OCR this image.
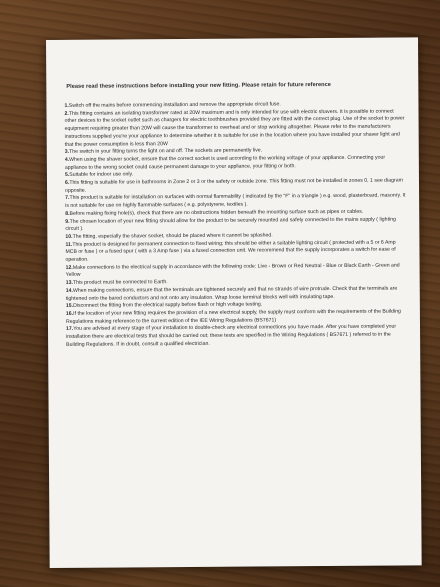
Please read these instructions before installing your new fitting. Please retain for future reference

1.Switch off the mains before commencing installation and remove the appropriate circuit fuse.

2.This fitting contains an isolating transformer rated at 20W maximum and is only intended for use with electric shavers. It is possible to connect other devices to the socket outlet such as chargers for electric toothbrushes provided they are fitted with the correct plug. Use of the socket to power equipment requiring greater than 20W will cause the transformer to overheat and or stop working altogether. Please refer to the manufacturers instructions supplied you're your appliance to determine whether it is suitable for use in the location where you have installed your shaver light and that the power consumption is less than 20W

3.The switch in your fitting turns the light on and off. The sockets are permanently live.

4.When using the shaver socket, ensure that the correct socket is used according to the working voltage of your appliance. Connecting your appliance to the wrong socket could cause permanent damage to your appliance, your fitting or both.

5.Suitable for indoor use only.

6.This fitting is suitable for use in bathrooms in Zone 2 or 3 or the safety or outside zone. This fitting must not be installed in zones 0, 1 see diagram opposite.

7.This product is suitable for installation on surfaces with normal flammability ( indicated by the "F" in a triangle ) e.g. wood, plasterboard, masonry. It is not suitable for use on highly flammable surfaces ( e.g. polystyrene, textiles ).

8.Before making fixing hole(s), check that there are no obstructions hidden beneath the mounting surface such as pipes or cables.

9.The chosen location of your new fitting should allow for the product to be securely mounted and safely connected to the mains supply ( lighting circuit ).

10.The fitting, especially the shaver socket, should be placed where it cannot be splashed.

11.This product is designed for permanent connection to fixed wiring; this should be either a suitable lighting circuit ( protected with a 5 or 6 Amp MCB or fuse ) or a fused spur ( with a 3 Amp fuse ) via a fused connection unit. We recommend that the supply incorporates a switch for ease of operation.

12.Make connections to the electrical supply in accordance with the following code: Live - Brown or Red Neutral - Blue or Black Earth - Green and Yellow

13.This product must be connected to Earth.

14.When making connections, ensure that the terminals are tightened securely and that no strands of wire protrude. Check that the terminals are tightened onto the bared conductors and not onto any insulation. Wrap loose terminal blocks well with insulating tape.

15.Disconnect the fitting from the electrical supply before flash or high voltage testing.

16.If the location of your new fitting requires the provision of a new electrical supply, the supply must conform with the requirements of the Building Regulations making reference to the current edition of the IEE Wiring Regulations (BS7671)

17.You are advised at every stage of your installation to double-check any electrical connections you have made. After you have completed your installation there are electrical tests that should be carried out; these tests are specified in the Wiring Regulations ( BS7671 ) referred to in the Building Regulations. If in doubt, consult a qualified electrician.
